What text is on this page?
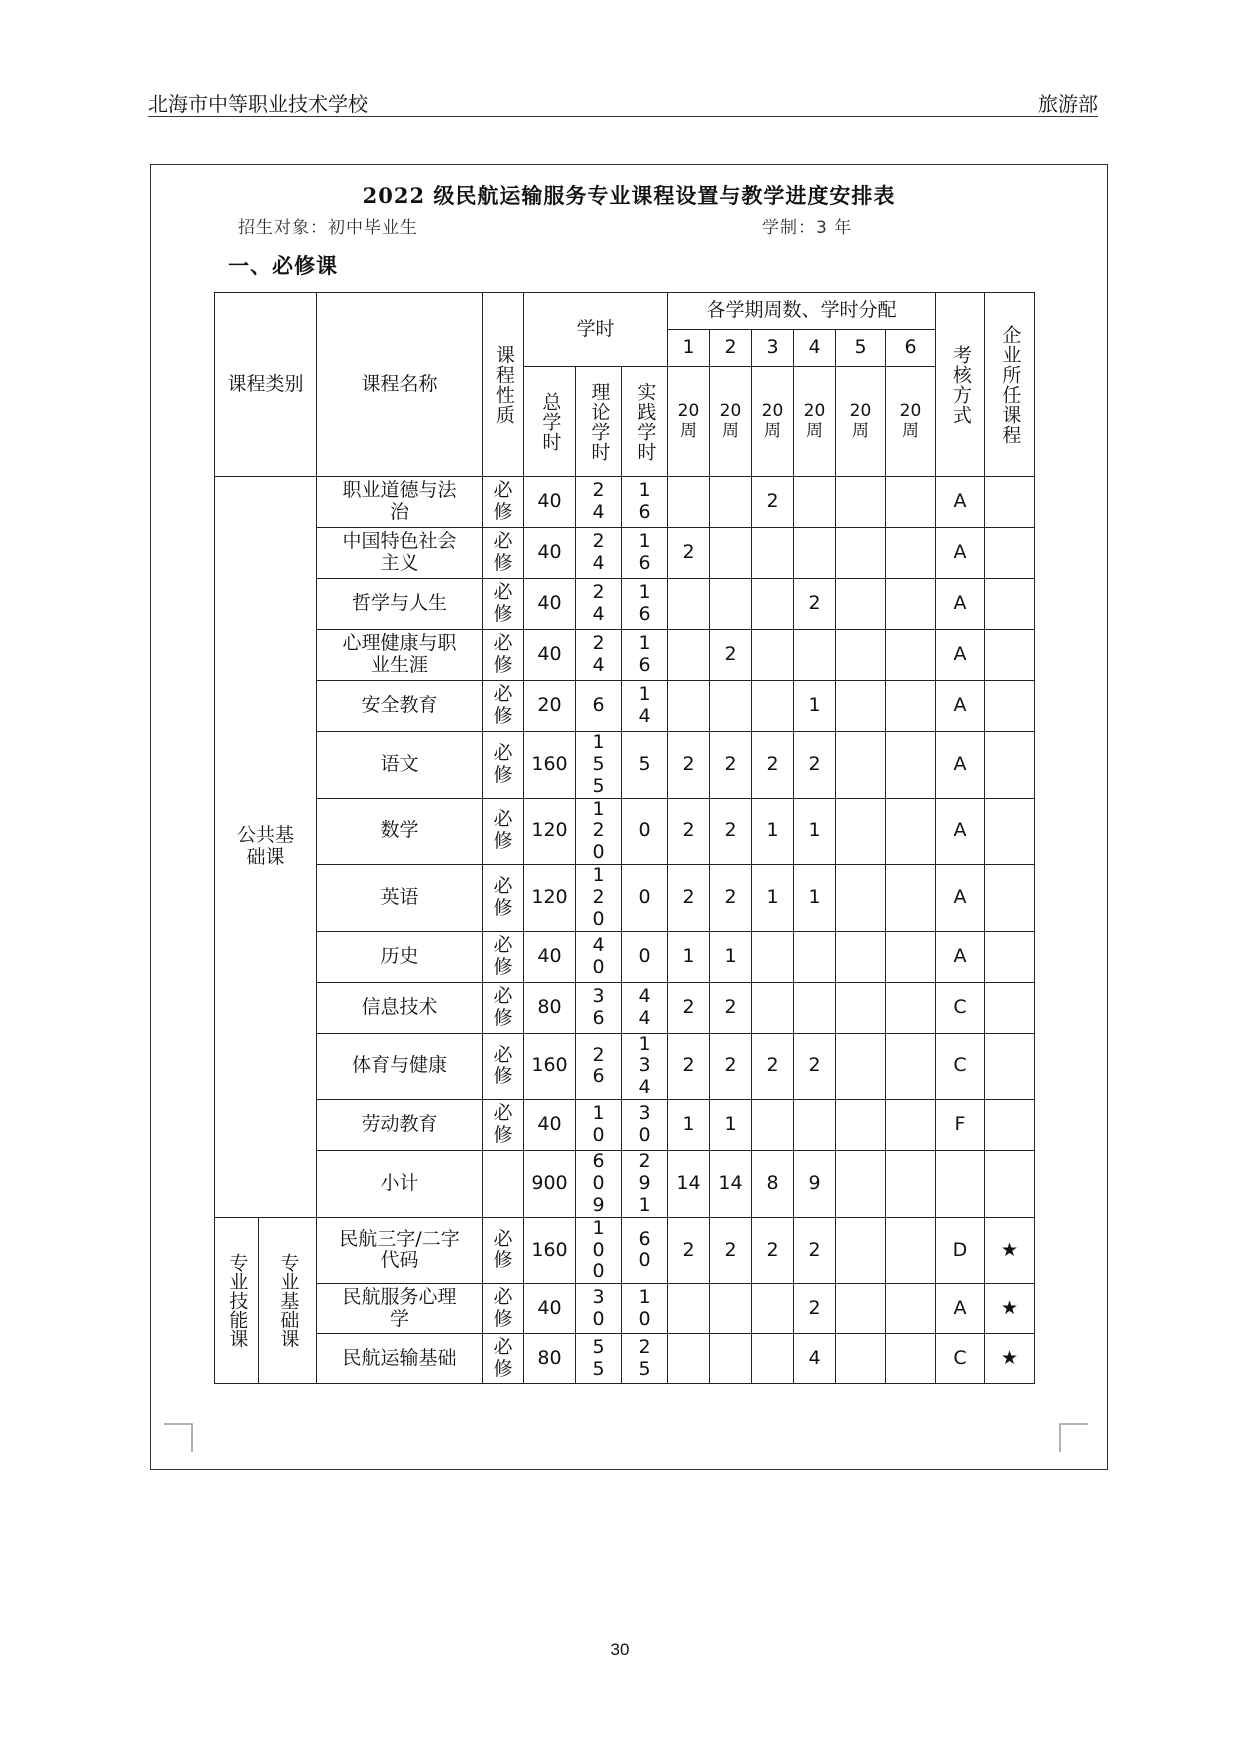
北海市中等职业技术学校	旅游部
2022 级民航运输服务专业课程设置与教学进度安排表
招生对象：初中毕业生	学制：3 年
一、必修课
课程类别		课程名称	课程性质	学时			各学期周数、学时分配						考核方式	企业所任课程

							1	2	3	4	5	6		

				总学时	理论学时	实践学时	20周	20周	20周	20周	20周	20周		

公共基础课		职业道德与法治	必修	40	24	16			2				A	

		中国特色社会主义	必修	40	24	16	2						A	

		哲学与人生	必修	40	24	16				2			A	

		心理健康与职业生涯	必修	40	24	16		2					A	

		安全教育	必修	20	6	14				1			A	

		语文	必修	160	155	5	2	2	2	2			A	

		数学	必修	120	120	0	2	2	1	1			A	

		英语	必修	120	120	0	2	2	1	1			A	

		历史	必修	40	40	0	1	1					A	

		信息技术	必修	80	36	44	2	2					C	

		体育与健康	必修	160	26	134	2	2	2	2			C	

		劳动教育	必修	40	10	30	1	1					F	

		小计		900	609	291	14	14	8	9				

专业技能课	专业基础课	民航三字/二字代码	必修	160	100	60	2	2	2	2			D	★

		民航服务心理学	必修	40	30	10				2			A	★

		民航运输基础	必修	80	55	25				4			C	★
30
